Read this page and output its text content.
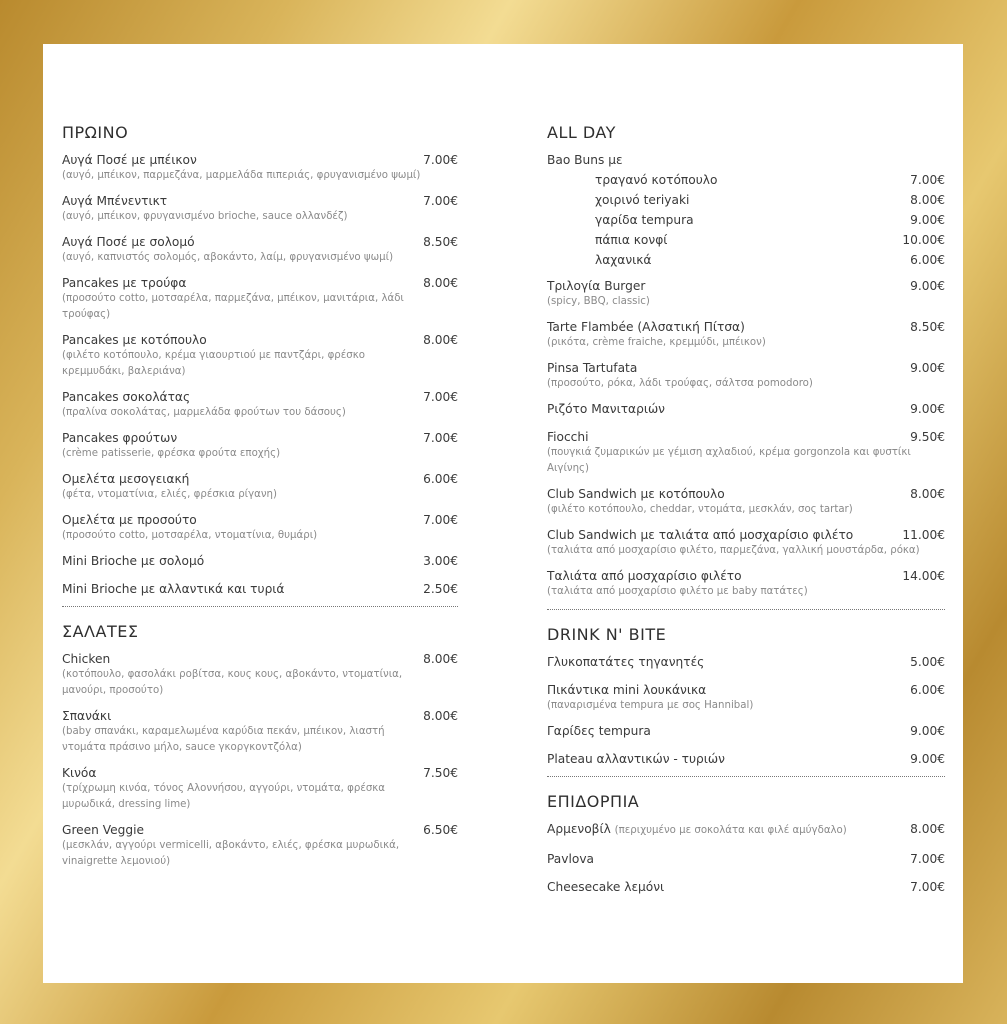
ΠΡΩΙΝΟ
Αυγά Ποσέ με μπέικον	7.00€
(αυγό, μπέικον, παρμεζάνα, μαρμελάδα πιπεριάς, φρυγανισμένο ψωμί)
Αυγά Μπένεντικτ	7.00€
(αυγό, μπέικον, φρυγανισμένο brioche, sauce ολλανδέζ)
Αυγά Ποσέ με σολομό	8.50€
(αυγό, καπνιστός σολομός, αβοκάντο, λαίμ, φρυγανισμένο ψωμί)
Pancakes με τρούφα	8.00€
(προσούτο cotto, μοτσαρέλα, παρμεζάνα, μπέικον, μανιτάρια, λάδι τρούφας)
Pancakes με κοτόπουλο	8.00€
(φιλέτο κοτόπουλο, κρέμα γιαουρτιού με παντζάρι, φρέσκο κρεμμυδάκι, βαλεριάνα)
Pancakes σοκολάτας	7.00€
(πραλίνα σοκολάτας, μαρμελάδα φρούτων του δάσους)
Pancakes φρούτων	7.00€
(crème patisserie, φρέσκα φρούτα εποχής)
Ομελέτα μεσογειακή	6.00€
(φέτα, ντοματίνια, ελιές, φρέσκια ρίγανη)
Ομελέτα με προσούτο	7.00€
(προσούτο cotto, μοτσαρέλα, ντοματίνια, θυμάρι)
Mini Brioche με σολομό	3.00€
Mini Brioche με αλλαντικά και τυριά	2.50€
ΣΑΛΑΤΕΣ
Chicken	8.00€
(κοτόπουλο, φασολάκι ροβίτσα, κους κους, αβοκάντο, ντοματίνια, μανούρι, προσούτο)
Σπανάκι	8.00€
(baby σπανάκι, καραμελωμένα καρύδια πεκάν, μπέικον, λιαστή ντομάτα πράσινο μήλο, sauce γκοργκοντζόλα)
Κινόα	7.50€
(τρίχρωμη κινόα, τόνος Αλοννήσου, αγγούρι, ντομάτα, φρέσκα μυρωδικά, dressing lime)
Green Veggie	6.50€
(μεσκλάν, αγγούρι vermicelli, αβοκάντο, ελιές, φρέσκα μυρωδικά, vinaigrette λεμονιού)
ALL DAY
Bao Buns με
τραγανό κοτόπουλο	7.00€
χοιρινό teriyaki	8.00€
γαρίδα tempura	9.00€
πάπια κονφί	10.00€
λαχανικά	6.00€
Τριλογία Burger	9.00€
(spicy, BBQ, classic)
Tarte Flambée (Αλσατική Πίτσα)	8.50€
(ρικότα, crème fraiche, κρεμμύδι, μπέικον)
Pinsa Tartufata	9.00€
(προσούτο, ρόκα, λάδι τρούφας, σάλτσα pomodoro)
Ριζότο Μανιταριών	9.00€
Fiocchi	9.50€
(πουγκιά ζυμαρικών με γέμιση αχλαδιού, κρέμα gorgonzola και φυστίκι Αιγίνης)
Club Sandwich με κοτόπουλο	8.00€
(φιλέτο κοτόπουλο, cheddar, ντομάτα, μεσκλάν, σος tartar)
Club Sandwich με ταλιάτα από μοσχαρίσιο φιλέτο	11.00€
(ταλιάτα από μοσχαρίσιο φιλέτο, παρμεζάνα, γαλλική μουστάρδα, ρόκα)
Ταλιάτα από μοσχαρίσιο φιλέτο	14.00€
(ταλιάτα από μοσχαρίσιο φιλέτο με baby πατάτες)
DRINK N' BITE
Γλυκοπατάτες τηγανητές	5.00€
Πικάντικα mini λουκάνικα	6.00€
(παναρισμένα tempura με σος Hannibal)
Γαρίδες tempura	9.00€
Plateau αλλαντικών - τυριών	9.00€
ΕΠΙΔΟΡΠΙΑ
Αρμενοβίλ (περιχυμένο με σοκολάτα και φιλέ αμύγδαλο)	8.00€
Pavlova	7.00€
Cheesecake λεμόνι	7.00€
